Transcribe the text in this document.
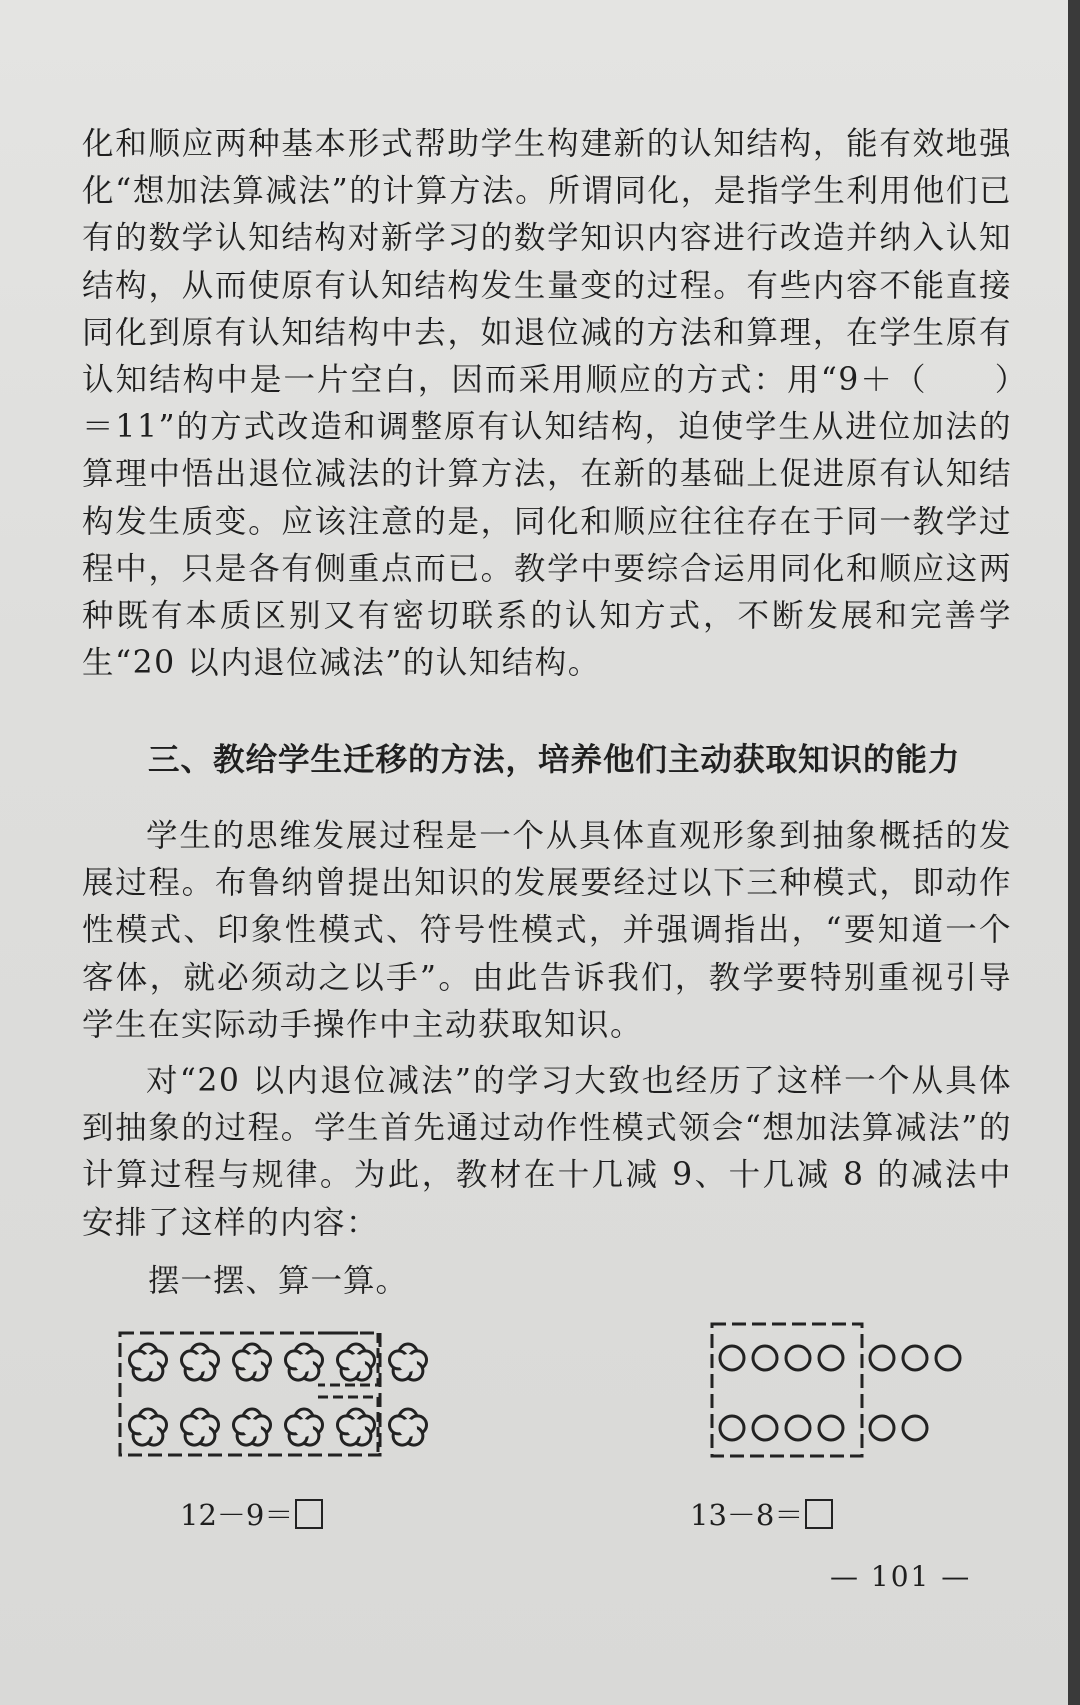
化和顺应两种基本形式帮助学生构建新的认知结构，能有效地强化“想加法算减法”的计算方法。所谓同化，是指学生利用他们已有的数学认知结构对新学习的数学知识内容进行改造并纳入认知结构，从而使原有认知结构发生量变的过程。有些内容不能直接同化到原有认知结构中去，如退位减的方法和算理，在学生原有认知结构中是一片空白，因而采用顺应的方式：用“9＋（　　）＝11”的方式改造和调整原有认知结构，迫使学生从进位加法的算理中悟出退位减法的计算方法，在新的基础上促进原有认知结构发生质变。应该注意的是，同化和顺应往往存在于同一教学过程中，只是各有侧重点而已。教学中要综合运用同化和顺应这两种既有本质区别又有密切联系的认知方式，不断发展和完善学生“20 以内退位减法”的认知结构。
三、教给学生迁移的方法，培养他们主动获取知识的能力
学生的思维发展过程是一个从具体直观形象到抽象概括的发展过程。布鲁纳曾提出知识的发展要经过以下三种模式，即动作性模式、印象性模式、符号性模式，并强调指出，“要知道一个客体，就必须动之以手”。由此告诉我们，教学要特别重视引导学生在实际动手操作中主动获取知识。
对“20 以内退位减法”的学习大致也经历了这样一个从具体到抽象的过程。学生首先通过动作性模式领会“想加法算减法”的计算过程与规律。为此，教材在十几减 9、十几减 8 的减法中安排了这样的内容：
摆一摆、算一算。
12－9＝	13－8＝
— 101 —
